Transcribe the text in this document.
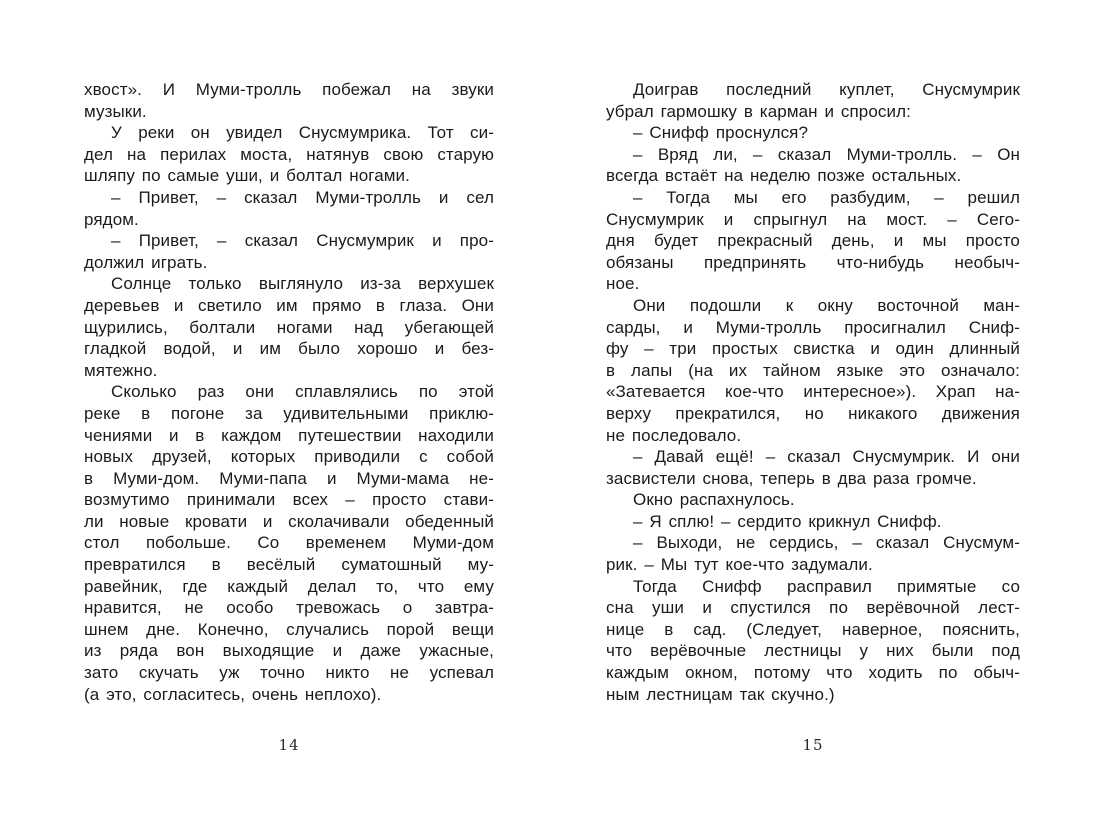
хвост». И Муми-тролль побежал на звуки
музыки.
У реки он увидел Снусмумрика. Тот си-
дел на перилах моста, натянув свою старую
шляпу по самые уши, и болтал ногами.
– Привет, – сказал Муми-тролль и сел
рядом.
– Привет, – сказал Снусмумрик и про-
должил играть.
Солнце только выглянуло из-за верхушек
деревьев и светило им прямо в глаза. Они
щурились, болтали ногами над убегающей
гладкой водой, и им было хорошо и без-
мятежно.
Сколько раз они сплавлялись по этой
реке в погоне за удивительными приклю-
чениями и в каждом путешествии находили
новых друзей, которых приводили с собой
в Муми-дом. Муми-папа и Муми-мама не-
возмутимо принимали всех – просто стави-
ли новые кровати и сколачивали обеденный
стол побольше. Со временем Муми-дом
превратился в весёлый суматошный му-
равейник, где каждый делал то, что ему
нравится, не особо тревожась о завтра-
шнем дне. Конечно, случались порой вещи
из ряда вон выходящие и даже ужасные,
зато скучать уж точно никто не успевал
(а это, согласитесь, очень неплохо).
14
Доиграв последний куплет, Снусмумрик
убрал гармошку в карман и спросил:
– Снифф проснулся?
– Вряд ли, – сказал Муми-тролль. – Он
всегда встаёт на неделю позже остальных.
– Тогда мы его разбудим, – решил
Снусмумрик и спрыгнул на мост. – Сего-
дня будет прекрасный день, и мы просто
обязаны предпринять что-нибудь необыч-
ное.
Они подошли к окну восточной ман-
сарды, и Муми-тролль просигналил Сниф-
фу – три простых свистка и один длинный
в лапы (на их тайном языке это означало:
«Затевается кое-что интересное»). Храп на-
верху прекратился, но никакого движения
не последовало.
– Давай ещё! – сказал Снусмумрик. И они
засвистели снова, теперь в два раза громче.
Окно распахнулось.
– Я сплю! – сердито крикнул Снифф.
– Выходи, не сердись, – сказал Снусмум-
рик. – Мы тут кое-что задумали.
Тогда Снифф расправил примятые со
сна уши и спустился по верёвочной лест-
нице в сад. (Следует, наверное, пояснить,
что верёвочные лестницы у них были под
каждым окном, потому что ходить по обыч-
ным лестницам так скучно.)
15
